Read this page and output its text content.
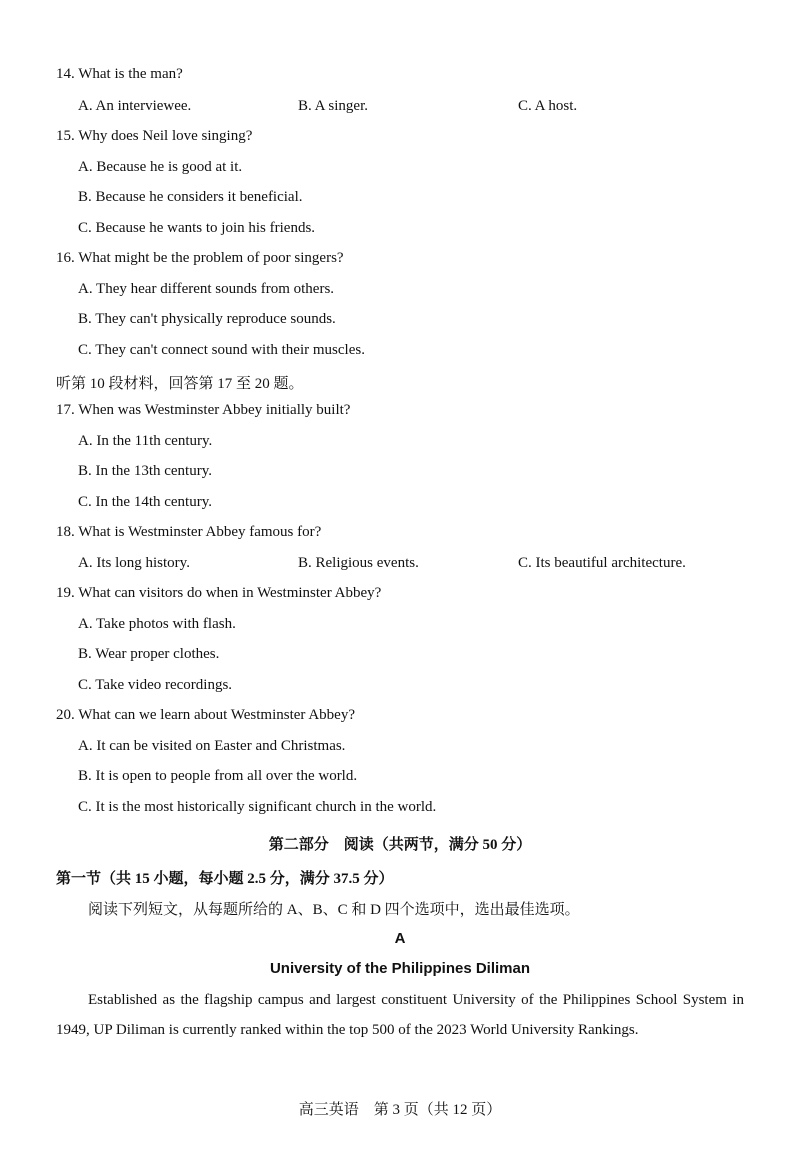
14. What is the man?
A. An interviewee.	B. A singer.	C. A host.
15. Why does Neil love singing?
A. Because he is good at it.
B. Because he considers it beneficial.
C. Because he wants to join his friends.
16. What might be the problem of poor singers?
A. They hear different sounds from others.
B. They can't physically reproduce sounds.
C. They can't connect sound with their muscles.
听第 10 段材料，回答第 17 至 20 题。
17. When was Westminster Abbey initially built?
A. In the 11th century.
B. In the 13th century.
C. In the 14th century.
18. What is Westminster Abbey famous for?
A. Its long history.	B. Religious events.	C. Its beautiful architecture.
19. What can visitors do when in Westminster Abbey?
A. Take photos with flash.
B. Wear proper clothes.
C. Take video recordings.
20. What can we learn about Westminster Abbey?
A. It can be visited on Easter and Christmas.
B. It is open to people from all over the world.
C. It is the most historically significant church in the world.
第二部分　阅读（共两节，满分 50 分）
第一节（共 15 小题，每小题 2.5 分，满分 37.5 分）
阅读下列短文，从每题所给的 A、B、C 和 D 四个选项中，选出最佳选项。
A
University of the Philippines Diliman
Established as the flagship campus and largest constituent University of the Philippines School System in 1949, UP Diliman is currently ranked within the top 500 of the 2023 World University Rankings.
高三英语　第 3 页（共 12 页）
